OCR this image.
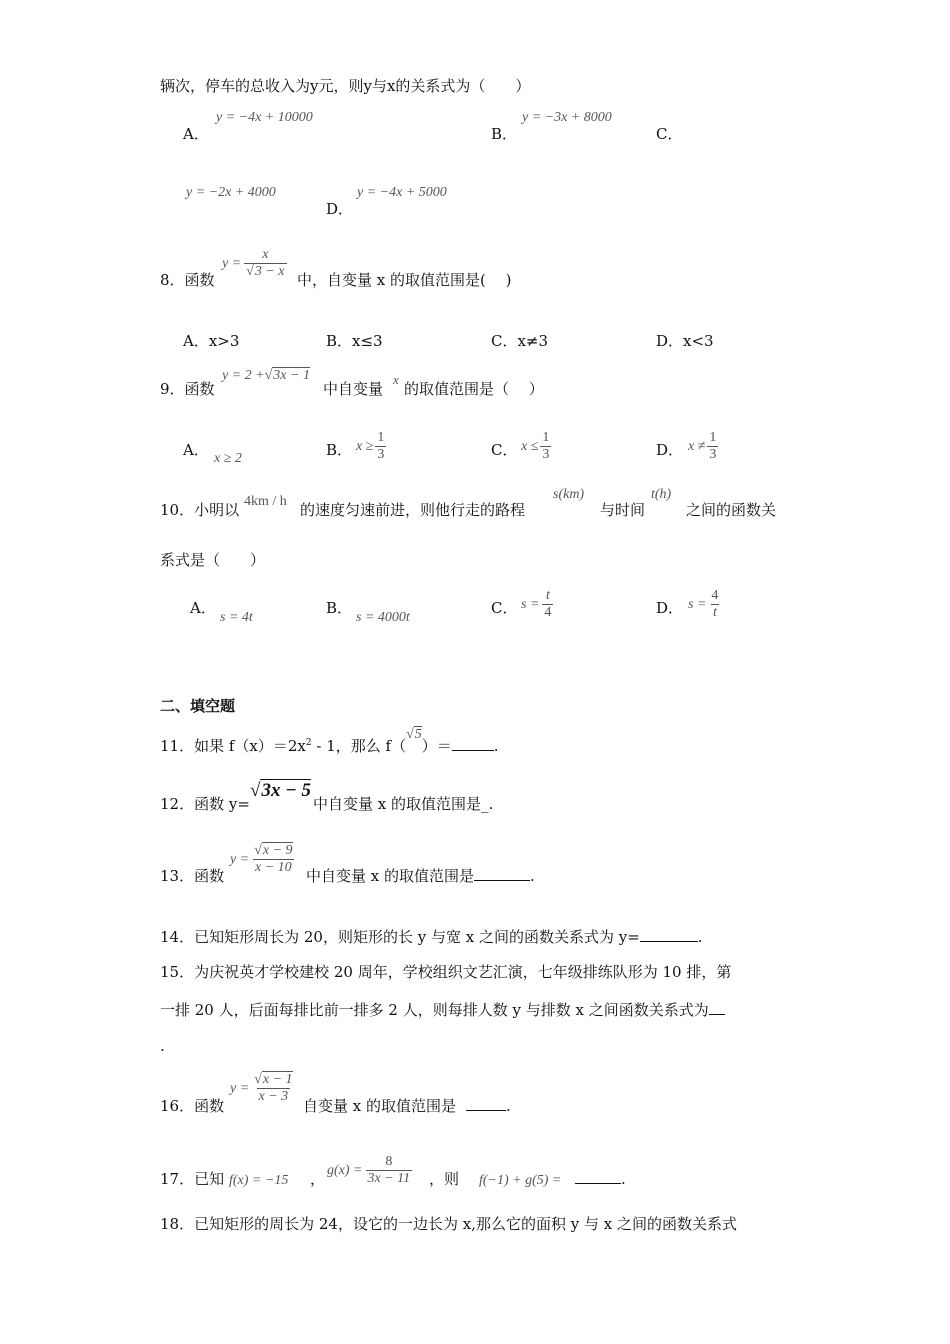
辆次，停车的总收入为y元，则y与x的关系式为（　　）
A．
y = −4x + 10000
B．
y = −3x + 8000
C．
y = −2x + 4000
D．
y = −4x + 5000
8．函数
$y = \frac{x}{√3 - x}$ 中，自变量 x 的取值范围是(　 )
A．x>3	B．x≤3	C．x≠3	D．x<3
9．函数
y = 2 +√3x − 1
中自变量
x
的取值范围是（　 ）
A． x ≥ 2	B． $x \ge \frac{1}{3}$	C． $x \le \frac{1}{3}$	D． $x \ne \frac{1}{3}$
10．小明以 4km / h 的速度匀速前进，则他行走的路程
s(km)
与时间
t(h)
之间的函数关
系式是（　　）
A．
s = 4t
B．
s = 4000t
C． $s = \frac{t}{4}$	D． $s = \frac{4}{t}$
二、填空题
11．如果 $f(x)=2x^2 - 1$，那么 f（√5）＝	.
12．函数 y=
√3x − 5
中自变量 x 的取值范围是_.
13．函数
$y = \frac{√x - 9}{x - 10}$ 中自变量 x 的取值范围是	.
14．已知矩形周长为 20，则矩形的长 y 与宽 x 之间的函数关系式为 y=	.
15．为庆祝英才学校建校 20 周年，学校组织文艺汇演，七年级排练队形为 10 排，第
一排 20 人，后面每排比前一排多 2 人，则每排人数 y 与排数 x 之间函数关系式为
.
16．函数
$y = \frac{√x - 1}{x - 3}$
自变量 x 的取值范围是	.
17．已知 f(x) = −15 ， $g(x) = \frac{8}{3x - 11}$ ，则 f(−1) + g(5) =	.
18．已知矩形的周长为 24，设它的一边长为 x,那么它的面积 y 与 x 之间的函数关系式
